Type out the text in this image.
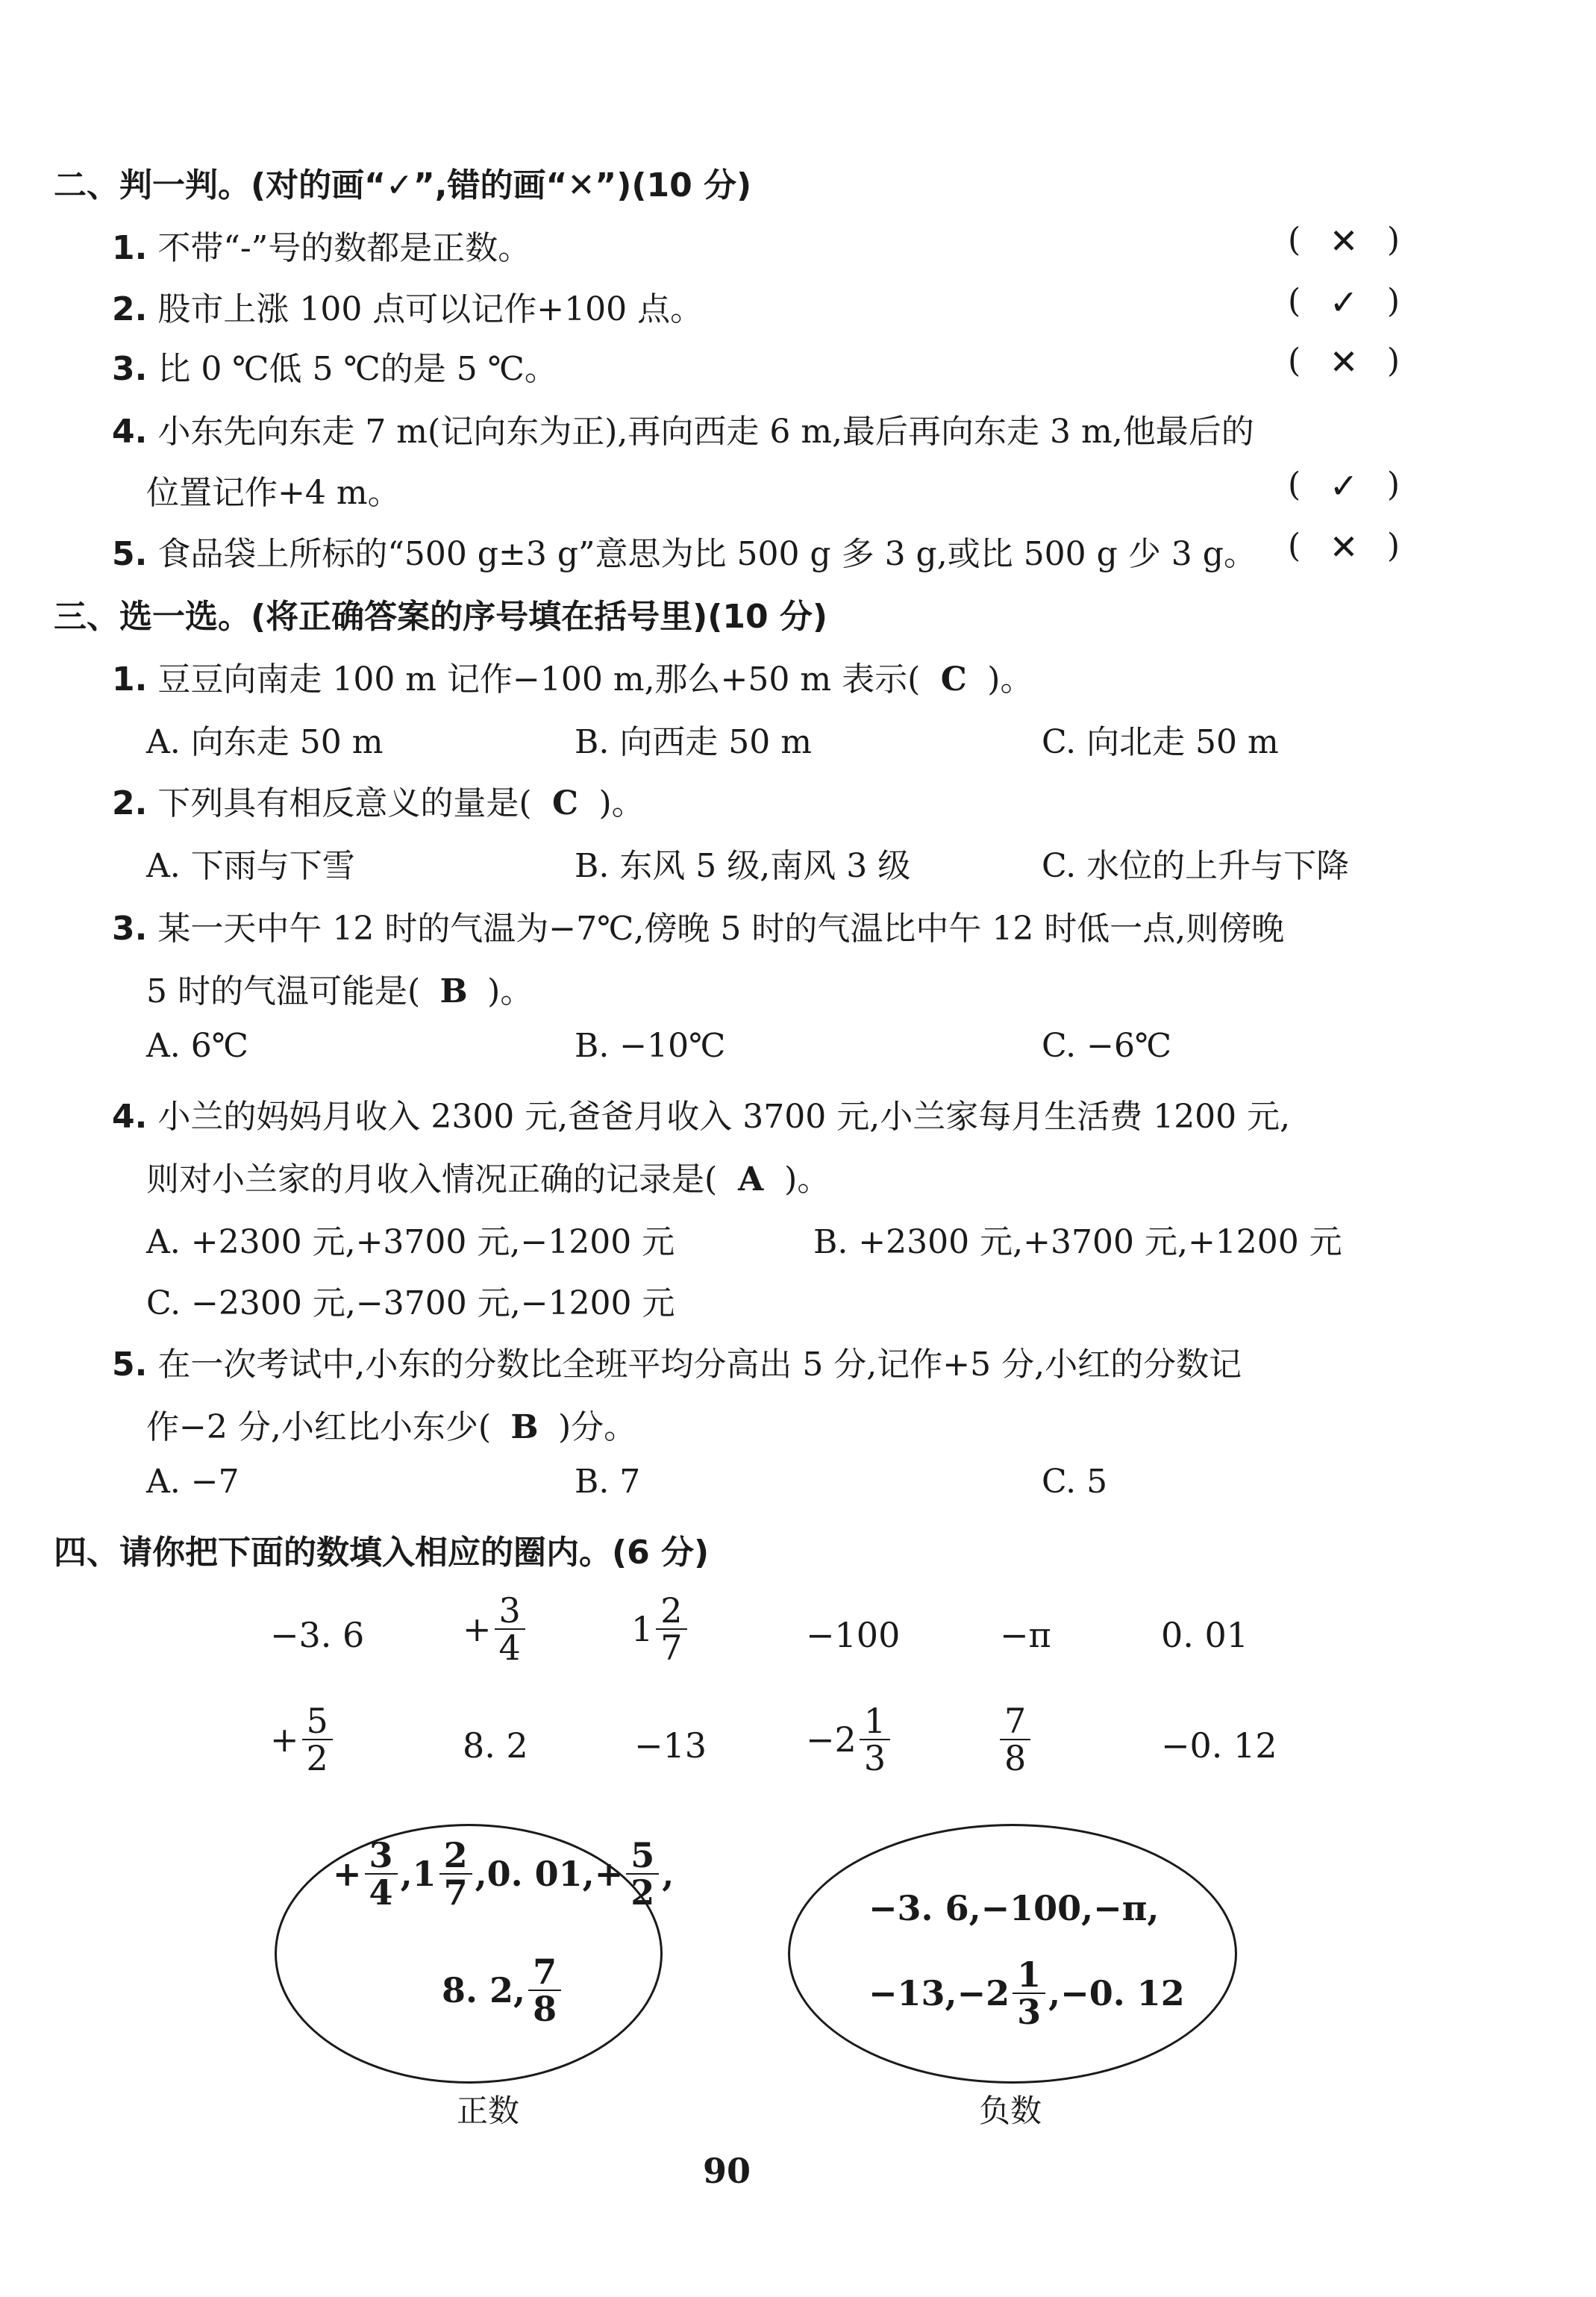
二、判一判。(对的画“✓”,错的画“✕”)(10 分)
1. 不带“-”号的数都是正数。	( ✕ )
2. 股市上涨 100 点可以记作+100 点。	( ✓ )
3. 比 0 ℃低 5 ℃的是 5 ℃。	( ✕ )
4. 小东先向东走 7 m(记向东为正),再向西走 6 m,最后再向东走 3 m,他最后的
位置记作+4 m。	( ✓ )
5. 食品袋上所标的“500 g±3 g”意思为比 500 g 多 3 g,或比 500 g 少 3 g。 ( ✕ )
三、选一选。(将正确答案的序号填在括号里)(10 分)
1. 豆豆向南走 100 m 记作−100 m,那么+50 m 表示( C )。
A. 向东走 50 m	B. 向西走 50 m	C. 向北走 50 m
2. 下列具有相反意义的量是( C )。
A. 下雨与下雪	B. 东风 5 级,南风 3 级	C. 水位的上升与下降
3. 某一天中午 12 时的气温为−7℃,傍晚 5 时的气温比中午 12 时低一点,则傍晚
5 时的气温可能是( B )。
A. 6℃	B. −10℃	C. −6℃
4. 小兰的妈妈月收入 2300 元,爸爸月收入 3700 元,小兰家每月生活费 1200 元,
则对小兰家的月收入情况正确的记录是( A )。
A. +2300 元,+3700 元,−1200 元	B. +2300 元,+3700 元,+1200 元
C. −2300 元,−3700 元,−1200 元
5. 在一次考试中,小东的分数比全班平均分高出 5 分,记作+5 分,小红的分数记
作−2 分,小红比小东少( B )分。
A. −7	B. 7	C. 5
四、请你把下面的数填入相应的圈内。(6 分)
−3. 6	+ $\frac{3}{4}$	$1 \frac{2}{7}$	−100	−π	0. 01
+ $\frac{5}{2}$	8. 2	−13	$-2 \frac{1}{3}$	$\frac{7}{8}$	−0. 12
+ $\frac{3}{4} ,1 \frac{2}{7} ,0$. $01,+ \frac{5}{2}$ ,
8. 2, $\frac{7}{8}$
正数
−3. 6,−100,−π,
$-13,-2 \frac{1}{3} ,-0$. 12
负数
90
